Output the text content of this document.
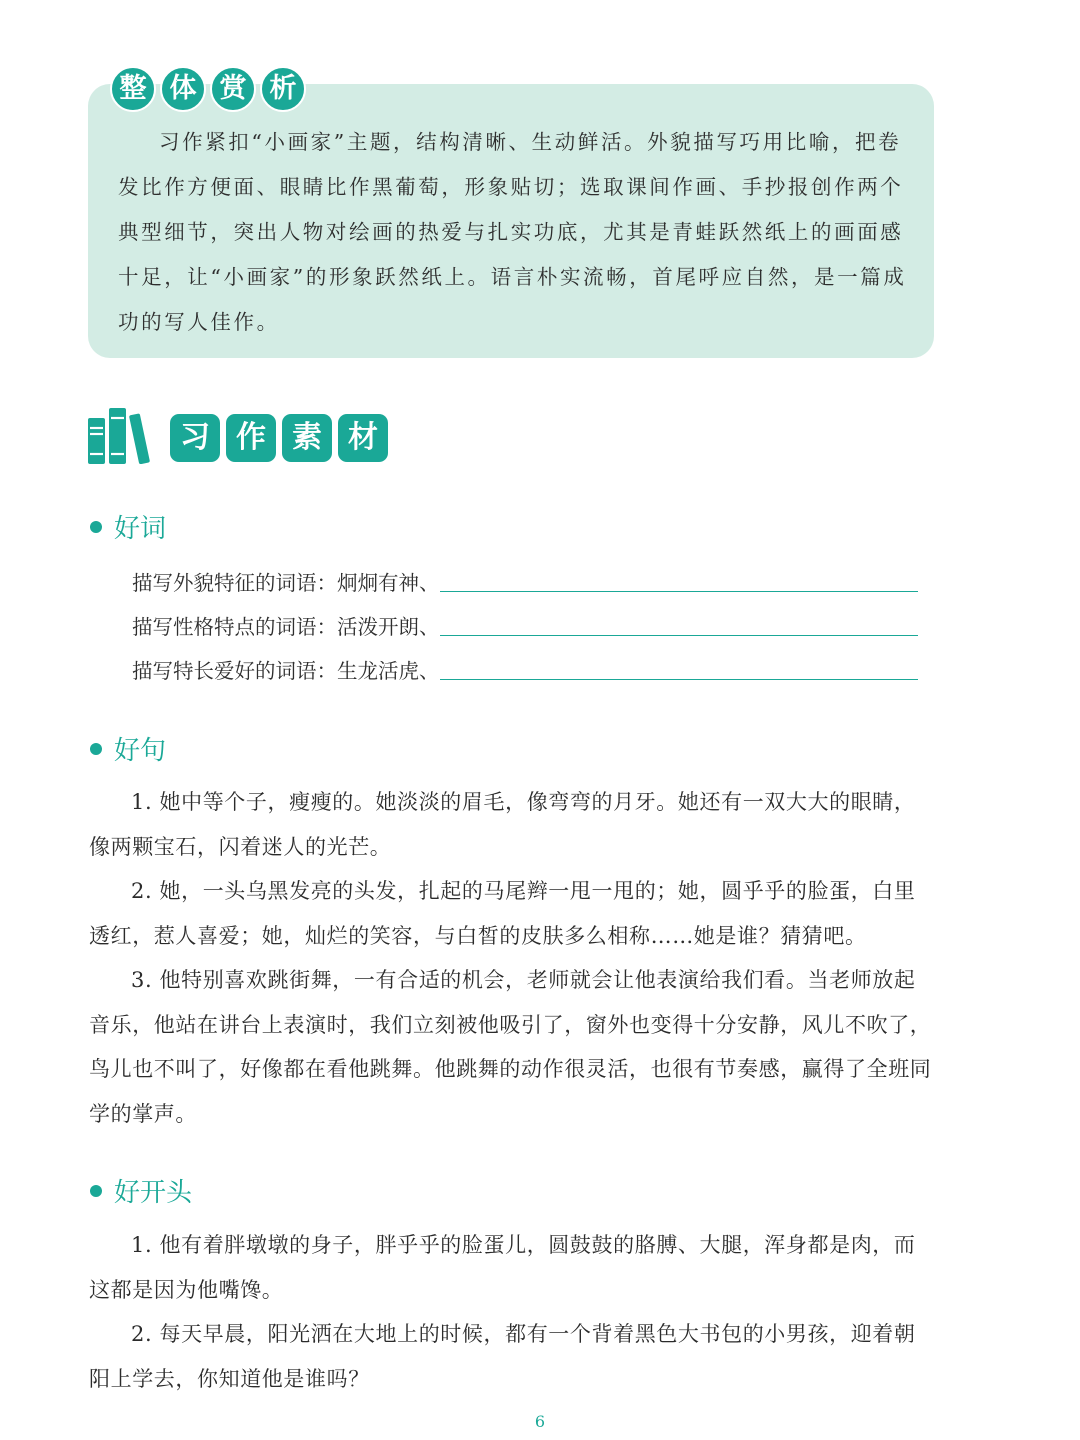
整 体 赏 析

习作紧扣“小画家”主题，结构清晰、生动鲜活。外貌描写巧用比喻，把卷发比作方便面、眼睛比作黑葡萄，形象贴切；选取课间作画、手抄报创作两个典型细节，突出人物对绘画的热爱与扎实功底，尤其是青蛙跃然纸上的画面感十足，让“小画家”的形象跃然纸上。语言朴实流畅，首尾呼应自然，是一篇成功的写人佳作。

习 作 素 材
好词
描写外貌特征的词语：炯炯有神、
描写性格特点的词语：活泼开朗、
描写特长爱好的词语：生龙活虎、
好句

1. 她中等个子，瘦瘦的。她淡淡的眉毛，像弯弯的月牙。她还有一双大大的眼睛，像两颗宝石，闪着迷人的光芒。

2. 她，一头乌黑发亮的头发，扎起的马尾辫一甩一甩的；她，圆乎乎的脸蛋，白里透红，惹人喜爱；她，灿烂的笑容，与白皙的皮肤多么相称……她是谁？猜猜吧。

3. 他特别喜欢跳街舞，一有合适的机会，老师就会让他表演给我们看。当老师放起音乐，他站在讲台上表演时，我们立刻被他吸引了，窗外也变得十分安静，风儿不吹了，鸟儿也不叫了，好像都在看他跳舞。他跳舞的动作很灵活，也很有节奏感，赢得了全班同学的掌声。

好开头

1. 他有着胖墩墩的身子，胖乎乎的脸蛋儿，圆鼓鼓的胳膊、大腿，浑身都是肉，而这都是因为他嘴馋。

2. 每天早晨，阳光洒在大地上的时候，都有一个背着黑色大书包的小男孩，迎着朝阳上学去，你知道他是谁吗？

6
